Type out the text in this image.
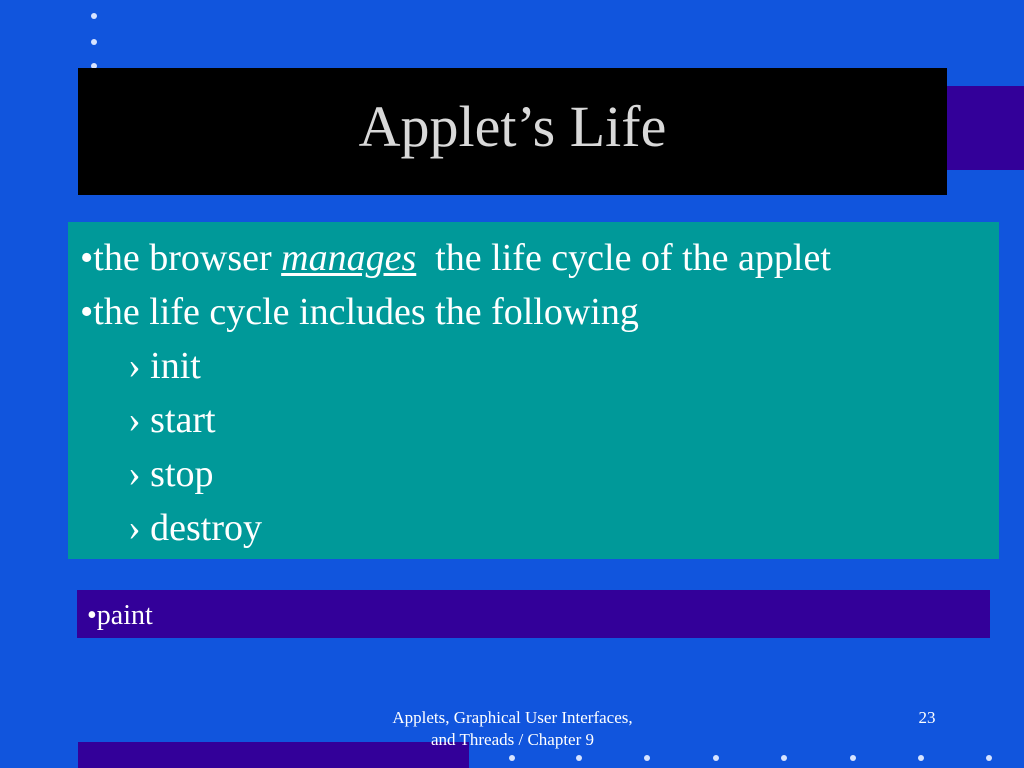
Applet’s Life
•the browser manages  the life cycle of the applet
•the life cycle includes the following
› init
› start
› stop
› destroy
•paint
Applets, Graphical User Interfaces,
and Threads / Chapter 9
23
